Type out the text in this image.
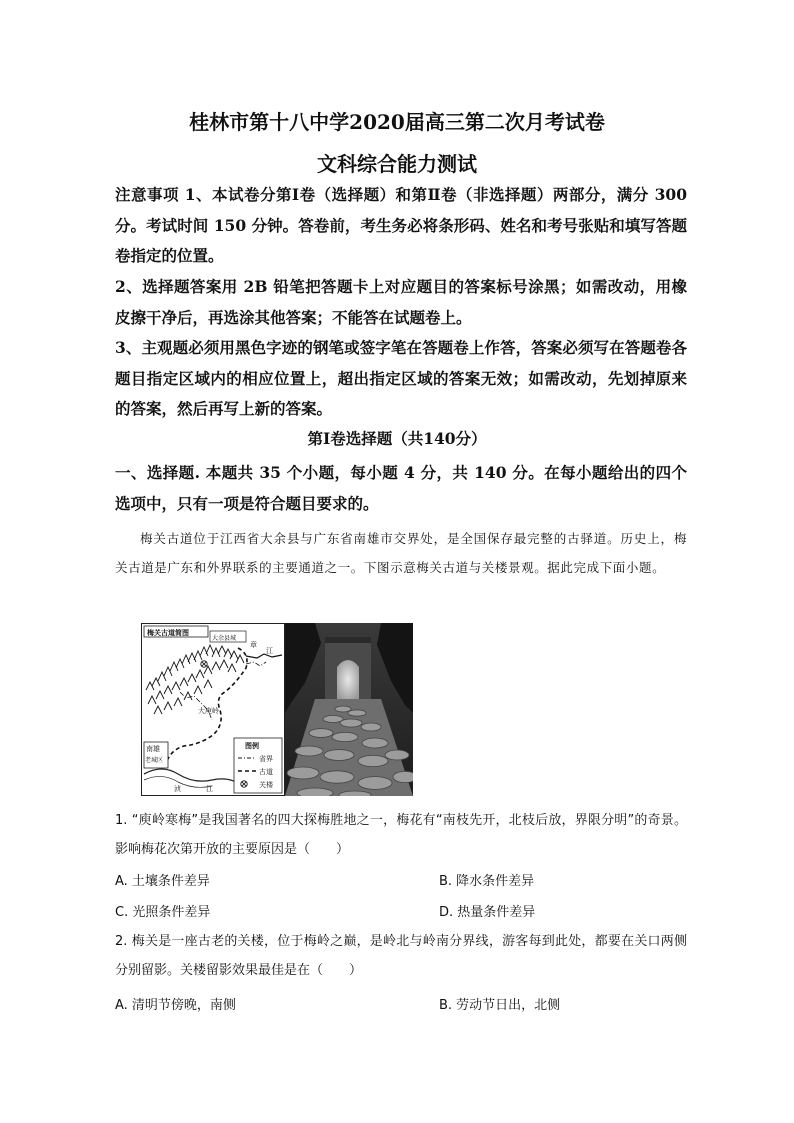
桂林市第十八中学2020届高三第二次月考试卷
文科综合能力测试
注意事项 1、本试卷分第Ⅰ卷（选择题）和第Ⅱ卷（非选择题）两部分，满分 300 分。考试时间 150 分钟。答卷前，考生务必将条形码、姓名和考号张贴和填写答题卷指定的位置。
2、选择题答案用 2B 铅笔把答题卡上对应题目的答案标号涂黑；如需改动，用橡皮擦干净后，再选涂其他答案；不能答在试题卷上。
3、主观题必须用黑色字迹的钢笔或签字笔在答题卷上作答，答案必须写在答题卷各题目指定区域内的相应位置上，超出指定区域的答案无效；如需改动，先划掉原来的答案，然后再写上新的答案。
第Ⅰ卷选择题（共140分）
一、选择题. 本题共 35 个小题，每小题 4 分，共 140 分。在每小题给出的四个选项中，只有一项是符合题目要求的。
梅关古道位于江西省大余县与广东省南雄市交界处，是全国保存最完整的古驿道。历史上，梅关古道是广东和外界联系的主要通道之一。下图示意梅关古道与关楼景观。据此完成下面小题。
梅关古道简图
大余县城
章
江
大庾岭
南雄
老城区
浈	江
图例
省界
古道
关楼
1. “庾岭寒梅”是我国著名的四大探梅胜地之一，梅花有“南枝先开，北枝后放，界限分明”的奇景。影响梅花次第开放的主要原因是（　　）
A. 土壤条件差异	B. 降水条件差异
C. 光照条件差异	D. 热量条件差异
2. 梅关是一座古老的关楼，位于梅岭之巅，是岭北与岭南分界线，游客每到此处，都要在关口两侧分别留影。关楼留影效果最佳是在（　　）
A. 清明节傍晚，南侧	B. 劳动节日出，北侧
